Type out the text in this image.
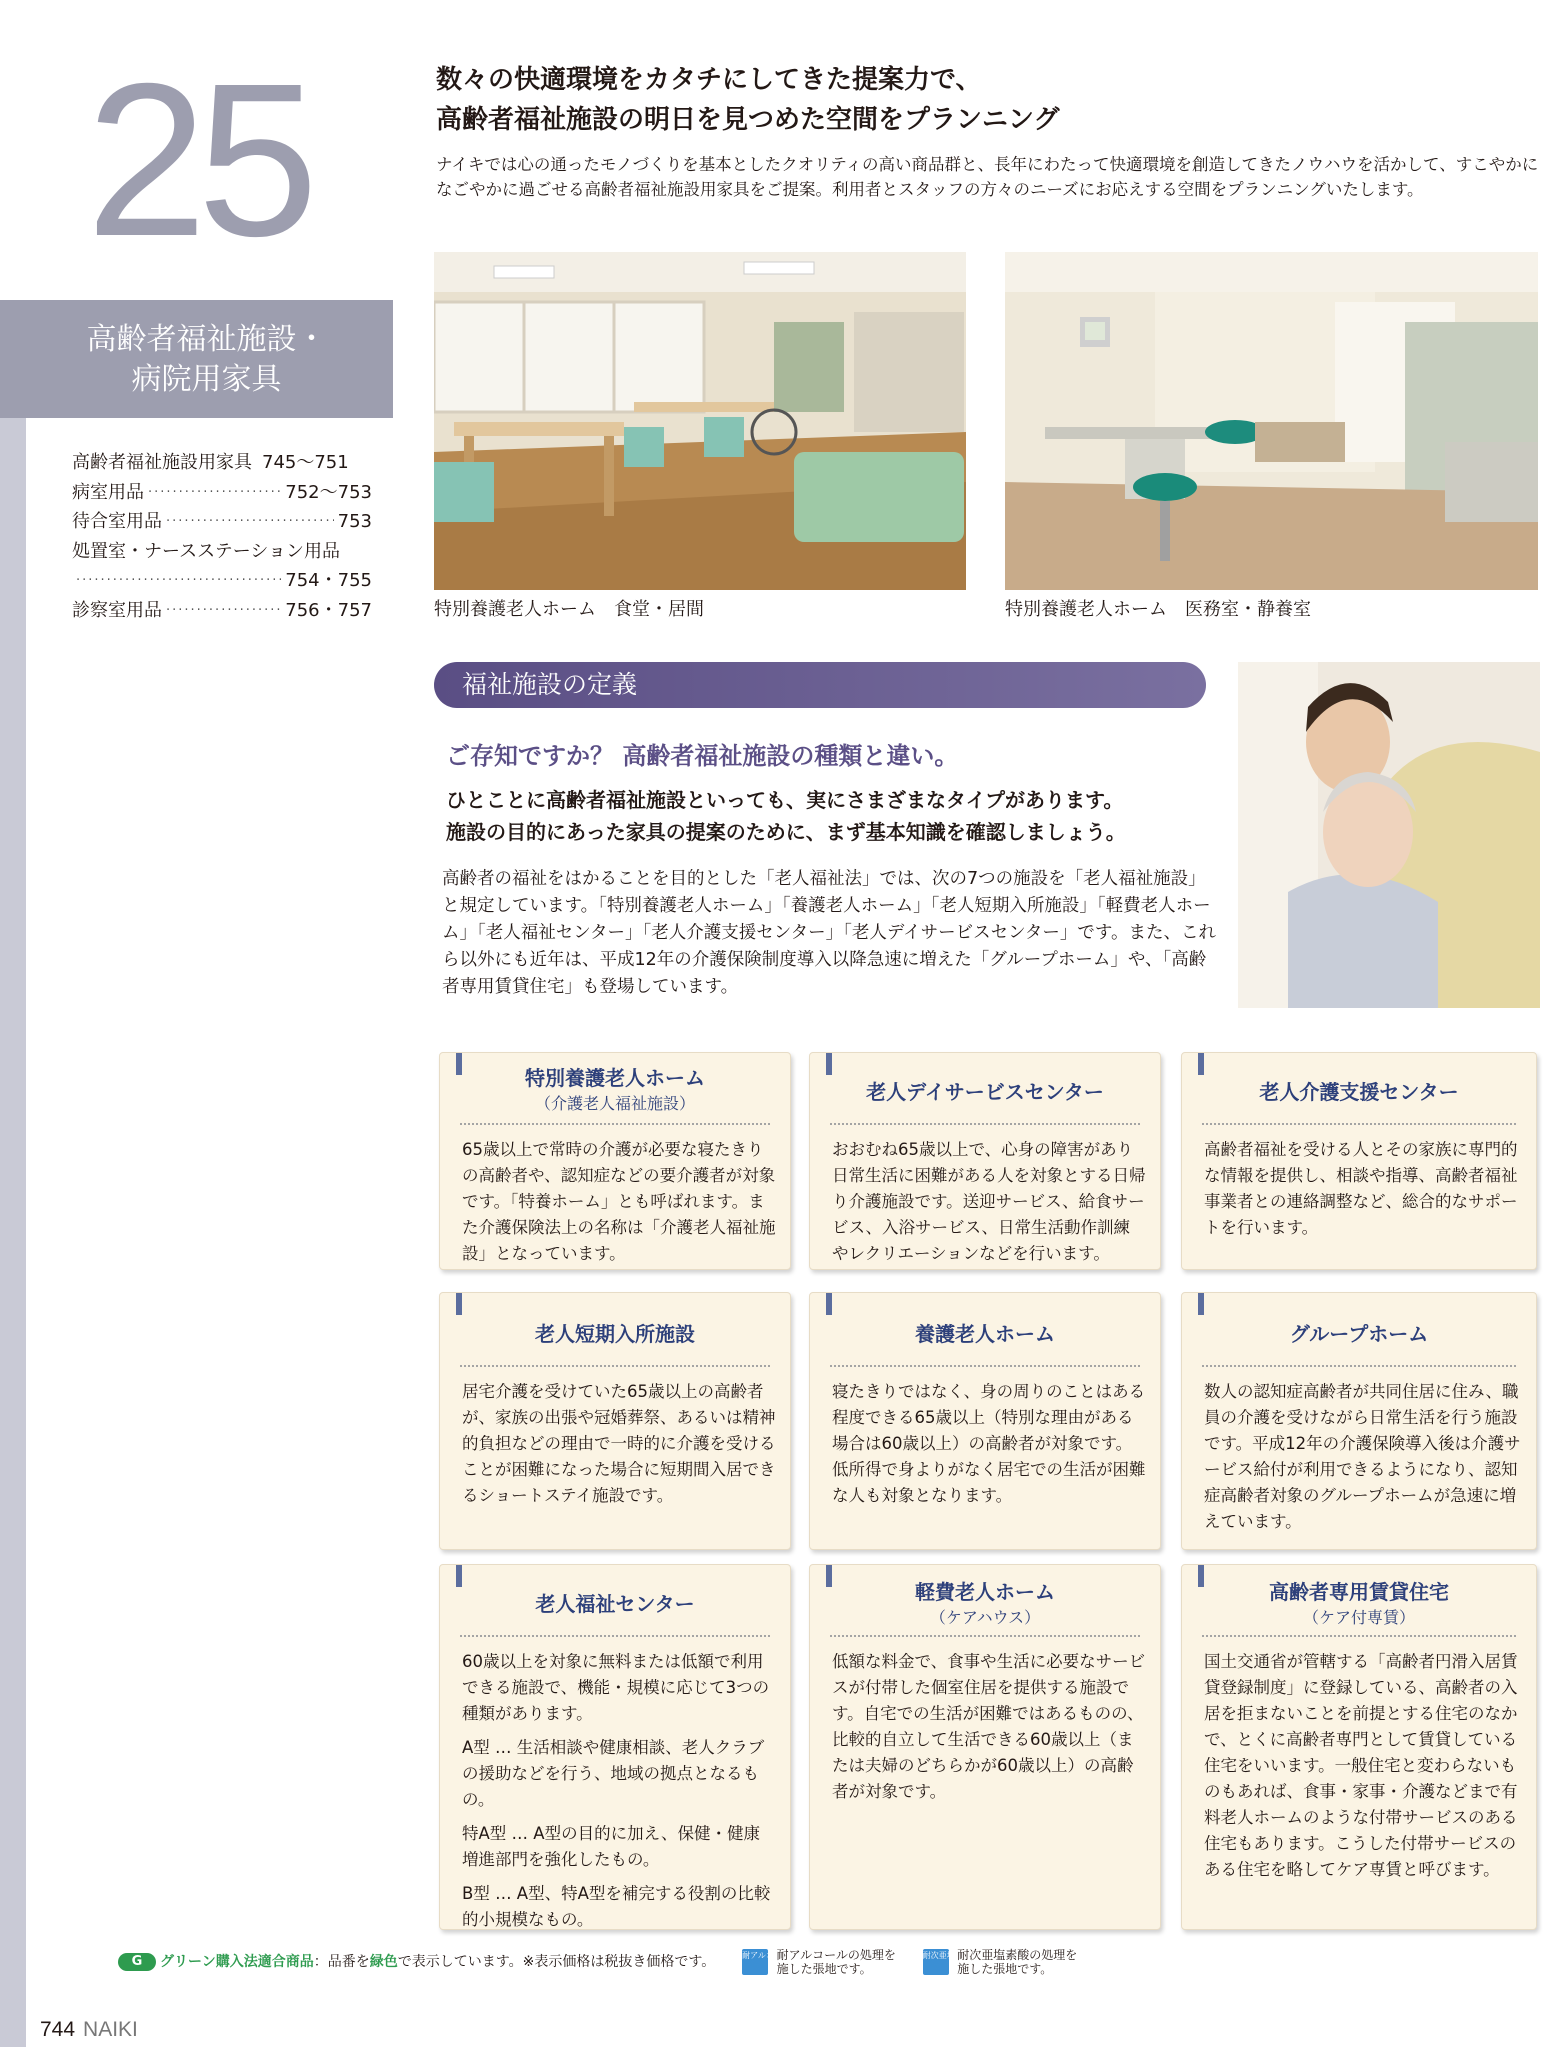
25
高齢者福祉施設・
病院用家具
高齢者福祉施設用家具 745〜751
病室用品 ·····	752〜753
待合室用品 ·····	753
処置室・ナースステーション用品
·····
754・755
診察室用品 ·····	756・757
数々の快適環境をカタチにしてきた提案力で、
高齢者福祉施設の明日を見つめた空間をプランニング
ナイキでは心の通ったモノづくりを基本としたクオリティの高い商品群と、長年にわたって快適環境を創造してきたノウハウを活かして、すこやかになごやかに過ごせる高齢者福祉施設用家具をご提案。利用者とスタッフの方々のニーズにお応えする空間をプランニングいたします。
特別養護老人ホーム　食堂・居間	特別養護老人ホーム　医務室・静養室
福祉施設の定義
ご存知ですか？ 高齢者福祉施設の種類と違い。
ひとことに高齢者福祉施設といっても、実にさまざまなタイプがあります。
施設の目的にあった家具の提案のために、まず基本知識を確認しましょう。
高齢者の福祉をはかることを目的とした「老人福祉法」では、次の7つの施設を「老人福祉施設」と規定しています。「特別養護老人ホーム」「養護老人ホーム」「老人短期入所施設」「軽費老人ホーム」「老人福祉センター」「老人介護支援センター」「老人デイサービスセンター」です。また、これら以外にも近年は、平成12年の介護保険制度導入以降急速に増えた「グループホーム」や、「高齢者専用賃貸住宅」も登場しています。
特別養護老人ホーム
（介護老人福祉施設）
65歳以上で常時の介護が必要な寝たきりの高齢者や、認知症などの要介護者が対象です。「特養ホーム」とも呼ばれます。また介護保険法上の名称は「介護老人福祉施設」となっています。
老人デイサービスセンター
おおむね65歳以上で、心身の障害があり日常生活に困難がある人を対象とする日帰り介護施設です。送迎サービス、給食サービス、入浴サービス、日常生活動作訓練やレクリエーションなどを行います。
老人介護支援センター
高齢者福祉を受ける人とその家族に専門的な情報を提供し、相談や指導、高齢者福祉事業者との連絡調整など、総合的なサポートを行います。
老人短期入所施設
居宅介護を受けていた65歳以上の高齢者が、家族の出張や冠婚葬祭、あるいは精神的負担などの理由で一時的に介護を受けることが困難になった場合に短期間入居できるショートステイ施設です。
養護老人ホーム

寝たきりではなく、身の周りのことはある程度できる65歳以上（特別な理由がある場合は60歳以上）の高齢者が対象です。

低所得で身よりがなく居宅での生活が困難な人も対象となります。

グループホーム
数人の認知症高齢者が共同住居に住み、職員の介護を受けながら日常生活を行う施設です。平成12年の介護保険導入後は介護サービス給付が利用できるようになり、認知症高齢者対象のグループホームが急速に増えています。
老人福祉センター

60歳以上を対象に無料または低額で利用できる施設で、機能・規模に応じて3つの種類があります。

A型 … 生活相談や健康相談、老人クラブの援助などを行う、地域の拠点となるもの。

特A型 … A型の目的に加え、保健・健康増進部門を強化したもの。

B型 … A型、特A型を補完する役割の比較的小規模なもの。

軽費老人ホーム
（ケアハウス）
低額な料金で、食事や生活に必要なサービスが付帯した個室住居を提供する施設です。自宅での生活が困難ではあるものの、比較的自立して生活できる60歳以上（または夫婦のどちらかが60歳以上）の高齢者が対象です。
高齢者専用賃貸住宅
（ケア付専賃）
国土交通省が管轄する「高齢者円滑入居賃貸登録制度」に登録している、高齢者の入居を拒まないことを前提とする住宅のなかで、とくに高齢者専門として賃貸している住宅をいいます。一般住宅と変わらないものもあれば、食事・家事・介護などまで有料老人ホームのような付帯サービスのある住宅もあります。こうした付帯サービスのある住宅を略してケア専賃と呼びます。
G グリーン購入法適合商品：品番を緑色で表示しています。※表示価格は税抜き価格です。	耐アルコール 耐アルコールの処理を
施した張地です。  耐次亜塩素酸 耐次亜塩素酸の処理を
施した張地です。
744 NAIKI
